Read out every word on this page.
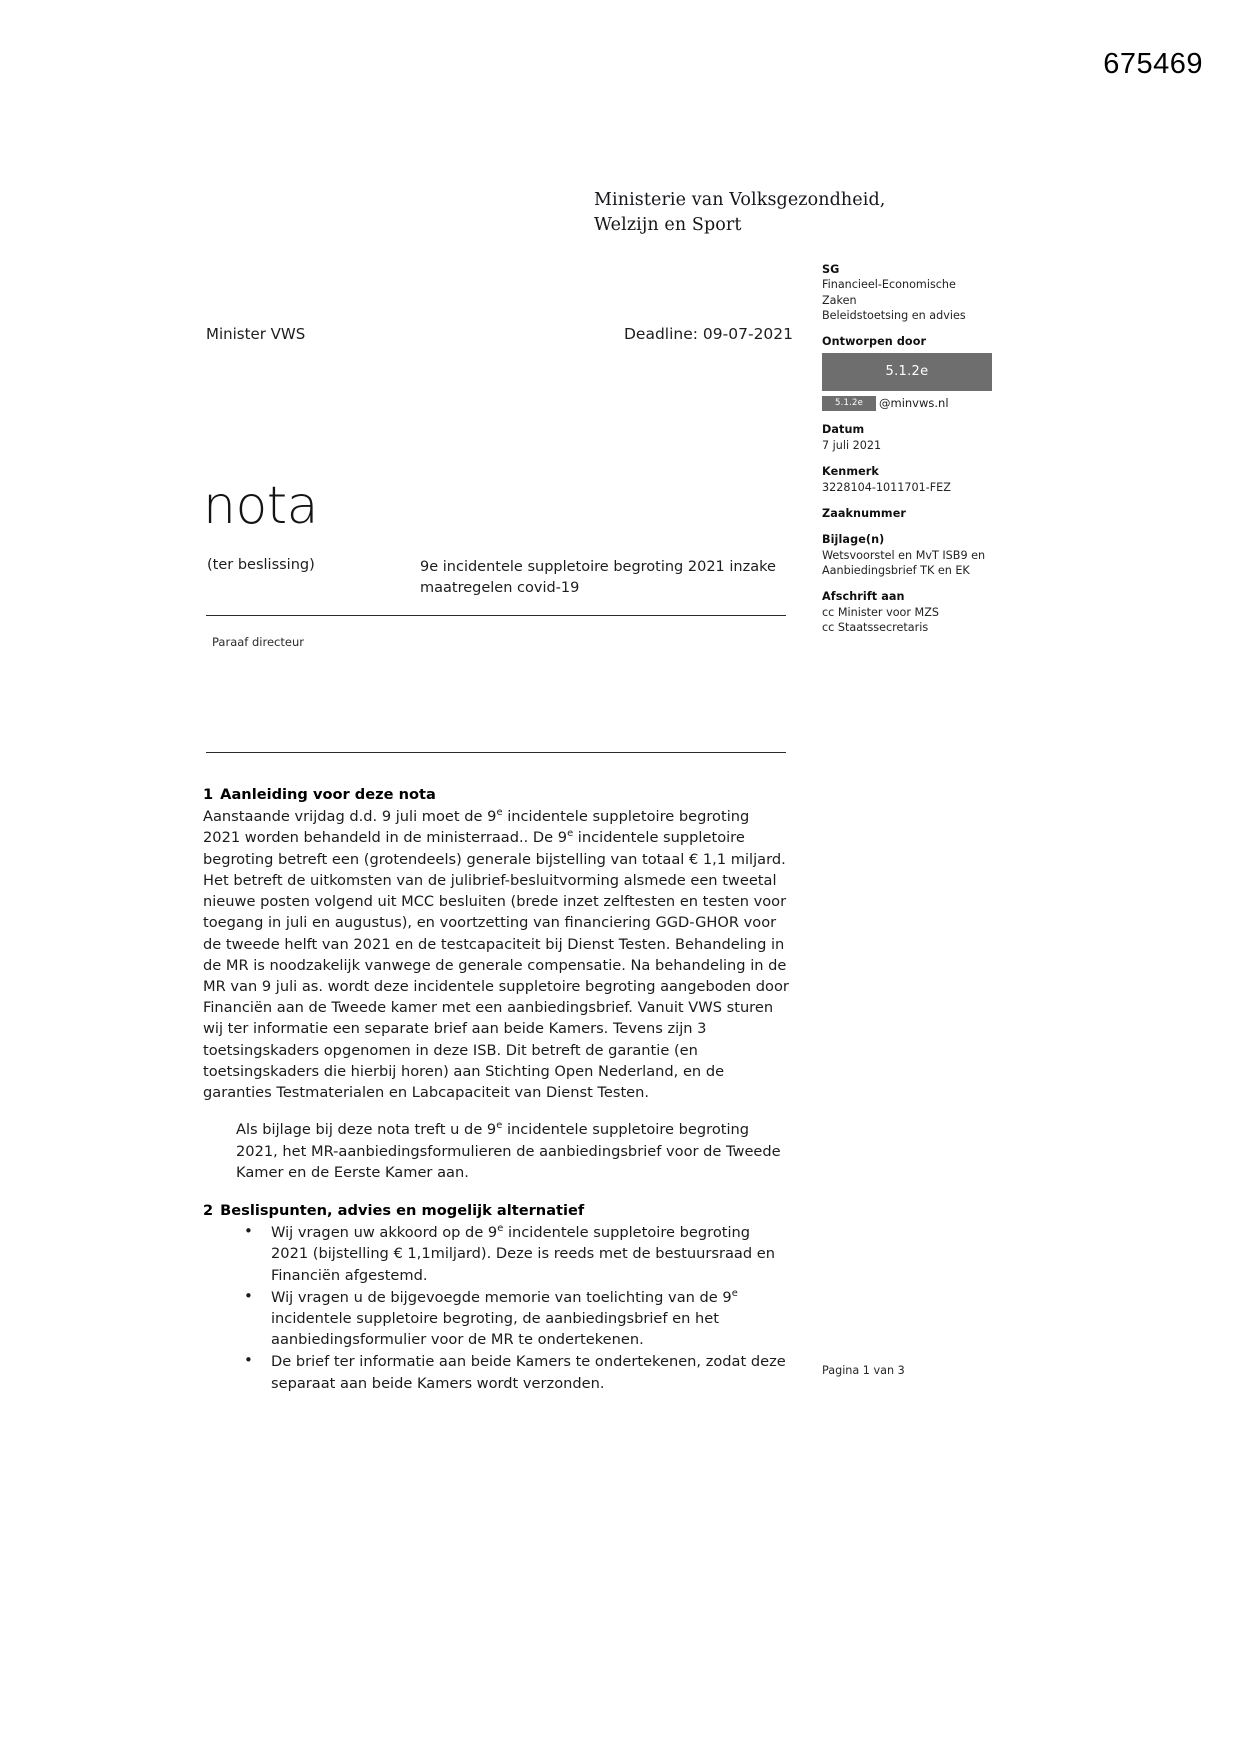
675469
Ministerie van Volksgezondheid,
Welzijn en Sport
Minister VWS	Deadline: 09-07-2021
nota
(ter beslissing)	9e incidentele suppletoire begroting 2021 inzake maatregelen covid-19
Paraaf directeur
SG
Financieel-Economische
Zaken
Beleidstoetsing en advies
Ontworpen door
5.1.2e
5.1.2e	@minvws.nl
Datum
7 juli 2021
Kenmerk
3228104-1011701-FEZ
Zaaknummer
Bijlage(n)
Wetsvoorstel en MvT ISB9 en
Aanbiedingsbrief TK en EK
Afschrift aan
cc Minister voor MZS
cc Staatssecretaris
1 Aanleiding voor deze nota

Aanstaande vrijdag d.d. 9 juli moet de 9e incidentele suppletoire begroting 2021 worden behandeld in de ministerraad.. De 9e incidentele suppletoire begroting betreft een (grotendeels) generale bijstelling van totaal € 1,1 miljard. Het betreft de uitkomsten van de julibrief-besluitvorming alsmede een tweetal nieuwe posten volgend uit MCC besluiten (brede inzet zelftesten en testen voor toegang in juli en augustus), en voortzetting van financiering GGD-GHOR voor de tweede helft van 2021 en de testcapaciteit bij Dienst Testen. Behandeling in de MR is noodzakelijk vanwege de generale compensatie. Na behandeling in de MR van 9 juli as. wordt deze incidentele suppletoire begroting aangeboden door Financiën aan de Tweede kamer met een aanbiedingsbrief. Vanuit VWS sturen wij ter informatie een separate brief aan beide Kamers. Tevens zijn 3 toetsingskaders opgenomen in deze ISB. Dit betreft de garantie (en toetsingskaders die hierbij horen) aan Stichting Open Nederland, en de garanties Testmaterialen en Labcapaciteit van Dienst Testen.

Als bijlage bij deze nota treft u de 9e incidentele suppletoire begroting 2021, het MR-aanbiedingsformulieren de aanbiedingsbrief voor de Tweede Kamer en de Eerste Kamer aan.

2 Beslispunten, advies en mogelijk alternatief
• Wij vragen uw akkoord op de 9e incidentele suppletoire begroting 2021 (bijstelling € 1,1miljard). Deze is reeds met de bestuursraad en Financiën afgestemd.
• Wij vragen u de bijgevoegde memorie van toelichting van de 9e incidentele suppletoire begroting, de aanbiedingsbrief en het aanbiedingsformulier voor de MR te ondertekenen.
• De brief ter informatie aan beide Kamers te ondertekenen, zodat deze separaat aan beide Kamers wordt verzonden.
Pagina 1 van 3
